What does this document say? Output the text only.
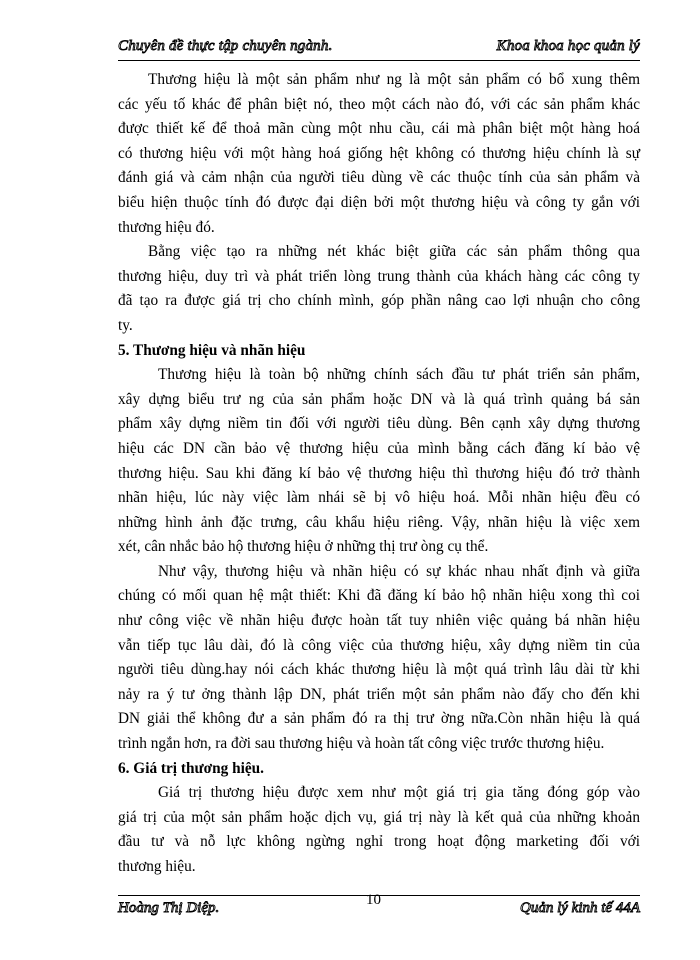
Chuyên đề thực tập chuyên ngành.	Khoa khoa học quản lý
Thương hiệu là một sản phẩm như ng là một sản phẩm có bổ xung thêm
các yếu tố khác để phân biệt nó, theo một cách nào đó, với các sản phẩm khác
được thiết kế để thoả mãn cùng một nhu cầu, cái mà phân biệt một hàng hoá
có thương hiệu với một hàng hoá giống hệt không có thương hiệu chính là sự
đánh giá và cảm nhận của người tiêu dùng về các thuộc tính của sản phẩm và
biểu hiện thuộc tính đó được đại diện bởi một thương hiệu và công ty gắn với
thương hiệu đó.
Bằng việc tạo ra những nét khác biệt giữa các sản phẩm thông qua
thương hiệu, duy trì và phát triển lòng trung thành của khách hàng các công ty
đã tạo ra được giá trị cho chính mình, góp phần nâng cao lợi nhuận cho công
ty.

5. Thương hiệu và nhãn hiệu

Thương hiệu là toàn bộ những chính sách đầu tư phát triển sản phẩm,
xây dựng biểu trư ng của sản phẩm hoặc DN và là quá trình quảng bá sản
phẩm xây dựng niềm tin đối với người tiêu dùng. Bên cạnh xây dựng thương
hiệu các DN cần bảo vệ thương hiệu của mình bằng cách đăng kí bảo vệ
thương hiệu. Sau khi đăng kí bảo vệ thương hiệu thì thương hiệu đó trở thành
nhãn hiệu, lúc này việc làm nhái sẽ bị vô hiệu hoá. Mỗi nhãn hiệu đều có
những hình ảnh đặc trưng, câu khẩu hiệu riêng. Vậy, nhãn hiệu là việc xem
xét, cân nhắc bảo hộ thương hiệu ở những thị trư òng cụ thể.
Như vậy, thương hiệu và nhãn hiệu có sự khác nhau nhất định và giữa
chúng có mối quan hệ mật thiết: Khi đã đăng kí bảo hộ nhãn hiệu xong thì coi
như công việc về nhãn hiệu được hoàn tất tuy nhiên việc quảng bá nhãn hiệu
vẫn tiếp tục lâu dài, đó là công việc của thương hiệu, xây dựng niềm tin của
người tiêu dùng.hay nói cách khác thương hiệu là một quá trình lâu dài từ khi
nảy ra ý tư ởng thành lập DN, phát triển một sản phẩm nào đấy cho đến khi
DN giải thể không đư a sản phẩm đó ra thị trư ờng nữa.Còn nhãn hiệu là quá
trình ngắn hơn, ra đời sau thương hiệu và hoàn tất công việc trước thương hiệu.

6. Giá trị thương hiệu.

Giá trị thương hiệu được xem như một giá trị gia tăng đóng góp vào
giá trị của một sản phẩm hoặc dịch vụ, giá trị này là kết quả của những khoản
đầu tư và nỗ lực không ngừng nghỉ trong hoạt động marketing đối với
thương hiệu.
Hoàng Thị Diệp.	10	Quản lý kinh tế 44A
